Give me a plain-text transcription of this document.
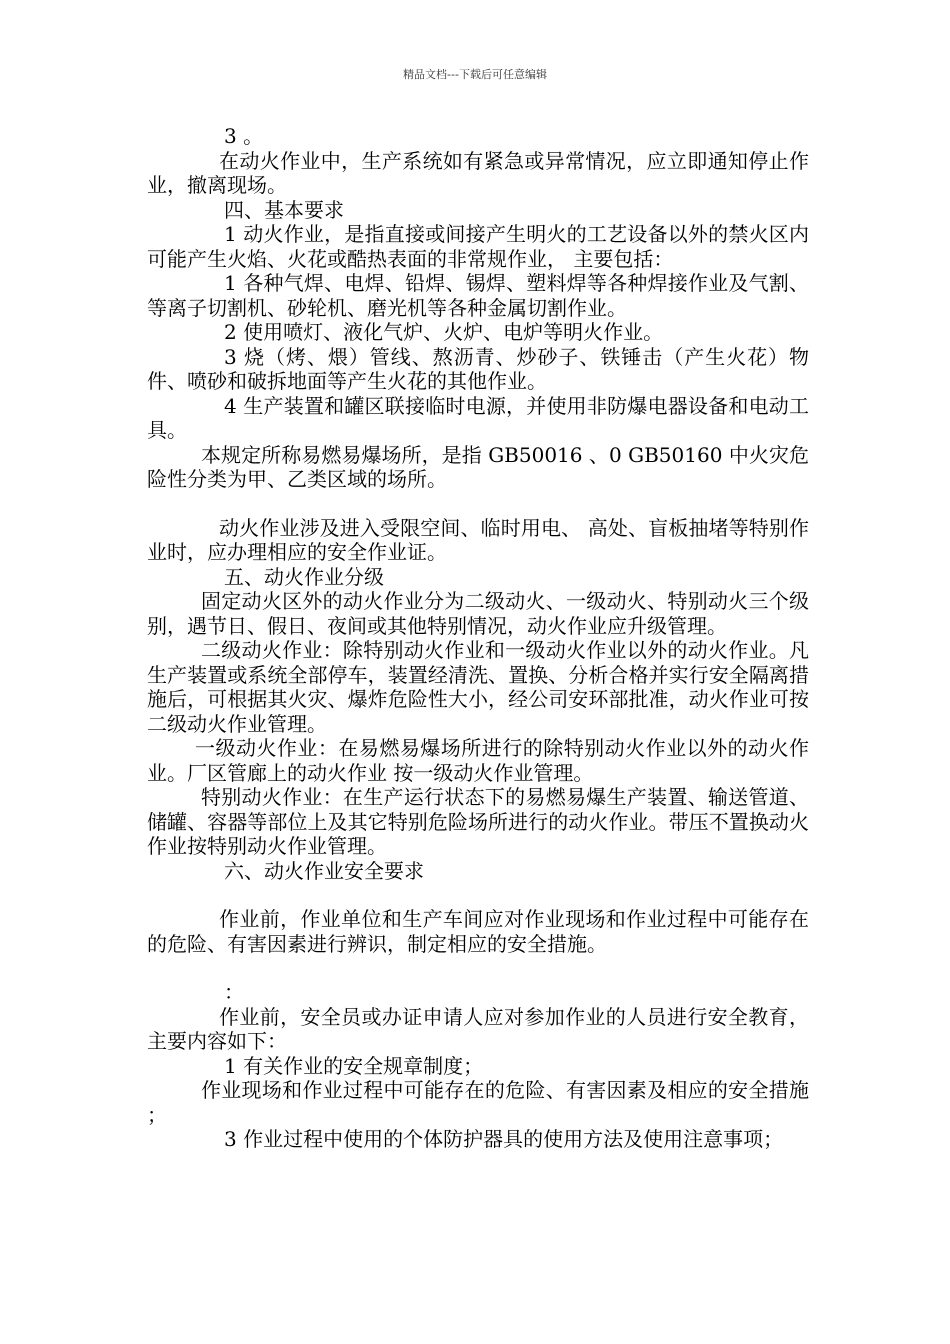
精品文档---下载后可任意编辑

3 。

在动火作业中，生产系统如有紧急或异常情况，应立即通知停止作业，撤离现场。

四、基本要求

1 动火作业，是指直接或间接产生明火的工艺设备以外的禁火区内可能产生火焰、火花或酷热表面的非常规作业， 主要包括：

1 各种气焊、电焊、铅焊、锡焊、塑料焊等各种焊接作业及气割、等离子切割机、砂轮机、磨光机等各种金属切割作业。

2 使用喷灯、液化气炉、火炉、电炉等明火作业。

3 烧（烤、煨）管线、熬沥青、炒砂子、铁锤击（产生火花）物件、喷砂和破拆地面等产生火花的其他作业。

4 生产装置和罐区联接临时电源，并使用非防爆电器设备和电动工具。

本规定所称易燃易爆场所，是指 GB50016 、0 GB50160 中火灾危险性分类为甲、乙类区域的场所。

动火作业涉及进入受限空间、临时用电、 高处、盲板抽堵等特别作业时，应办理相应的安全作业证。

五、动火作业分级

固定动火区外的动火作业分为二级动火、一级动火、特别动火三个级别，遇节日、假日、夜间或其他特别情况，动火作业应升级管理。

二级动火作业：除特别动火作业和一级动火作业以外的动火作业。凡生产装置或系统全部停车，装置经清洗、置换、分析合格并实行安全隔离措施后，可根据其火灾、爆炸危险性大小，经公司安环部批准，动火作业可按二级动火作业管理。

一级动火作业：在易燃易爆场所进行的除特别动火作业以外的动火作业。厂区管廊上的动火作业 按一级动火作业管理。

特别动火作业：在生产运行状态下的易燃易爆生产装置、输送管道、储罐、容器等部位上及其它特别危险场所进行的动火作业。带压不置换动火作业按特别动火作业管理。

六、动火作业安全要求

作业前，作业单位和生产车间应对作业现场和作业过程中可能存在的危险、有害因素进行辨识，制定相应的安全措施。

：

作业前，安全员或办证申请人应对参加作业的人员进行安全教育，主要内容如下：

1 有关作业的安全规章制度；

作业现场和作业过程中可能存在的危险、有害因素及相应的安全措施 ；

3 作业过程中使用的个体防护器具的使用方法及使用注意事项；
